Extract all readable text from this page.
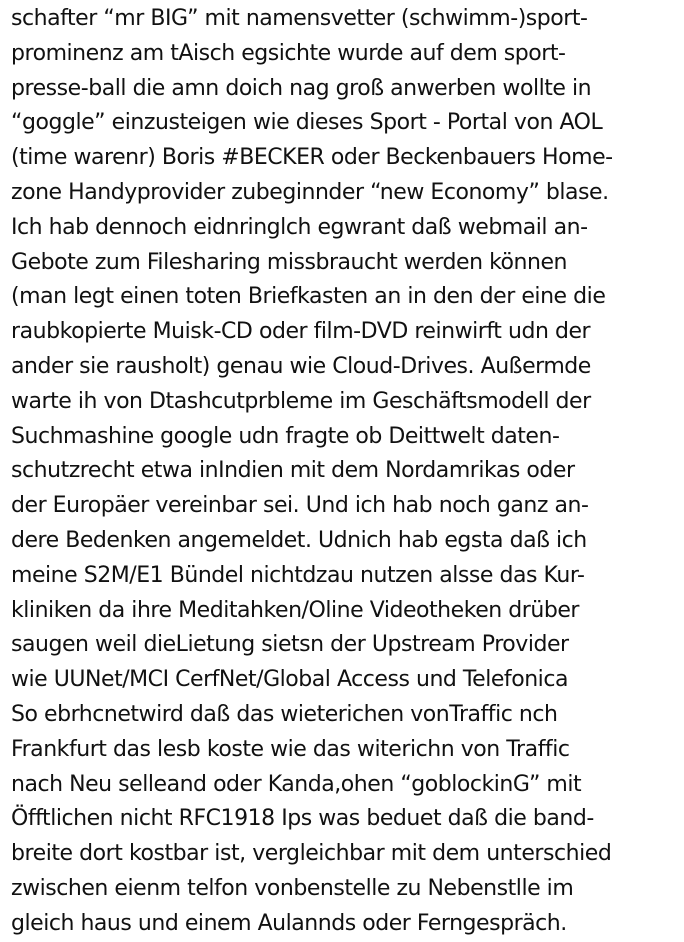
schafter “mr BIG” mit namensvetter (schwimm-)sport-
prominenz am tAisch egsichte wurde auf dem sport-
presse-ball die amn doich nag groß anwerben wollte in
“goggle” einzusteigen wie dieses Sport - Portal von AOL
(time warenr) Boris #BECKER oder Beckenbauers Home-
zone Handyprovider zubeginnder “new Economy” blase.
Ich hab dennoch eidnringlch egwrant daß webmail an-
Gebote zum Filesharing missbraucht werden können
(man legt einen toten Briefkasten an in den der eine die
raubkopierte Muisk-CD oder film-DVD reinwirft udn der
ander sie rausholt) genau wie Cloud-Drives. Außermde
warte ih von Dtashcutprbleme im Geschäftsmodell der
Suchmashine google udn fragte ob Deittwelt daten-
schutzrecht etwa inIndien mit dem Nordamrikas oder
der Europäer vereinbar sei. Und ich hab noch ganz an-
dere Bedenken angemeldet. Udnich hab egsta daß ich
meine S2M/E1 Bündel nichtdzau nutzen alsse das Kur-
kliniken da ihre Meditahken/Oline Videotheken drüber
saugen weil dieLietung sietsn der Upstream Provider
wie UUNet/MCI CerfNet/Global Access und Telefonica
So ebrhcnetwird daß das wieterichen vonTraffic nch
Frankfurt das lesb koste wie das witerichn von Traffic
nach Neu selleand oder Kanda,ohen “goblockinG” mit
Öfftlichen nicht RFC1918 Ips was beduet daß die band-
breite dort kostbar ist, vergleichbar mit dem unterschied
zwischen eienm telfon vonbenstelle zu Nebenstlle im
gleich haus und einem Aulannds oder Ferngespräch.
